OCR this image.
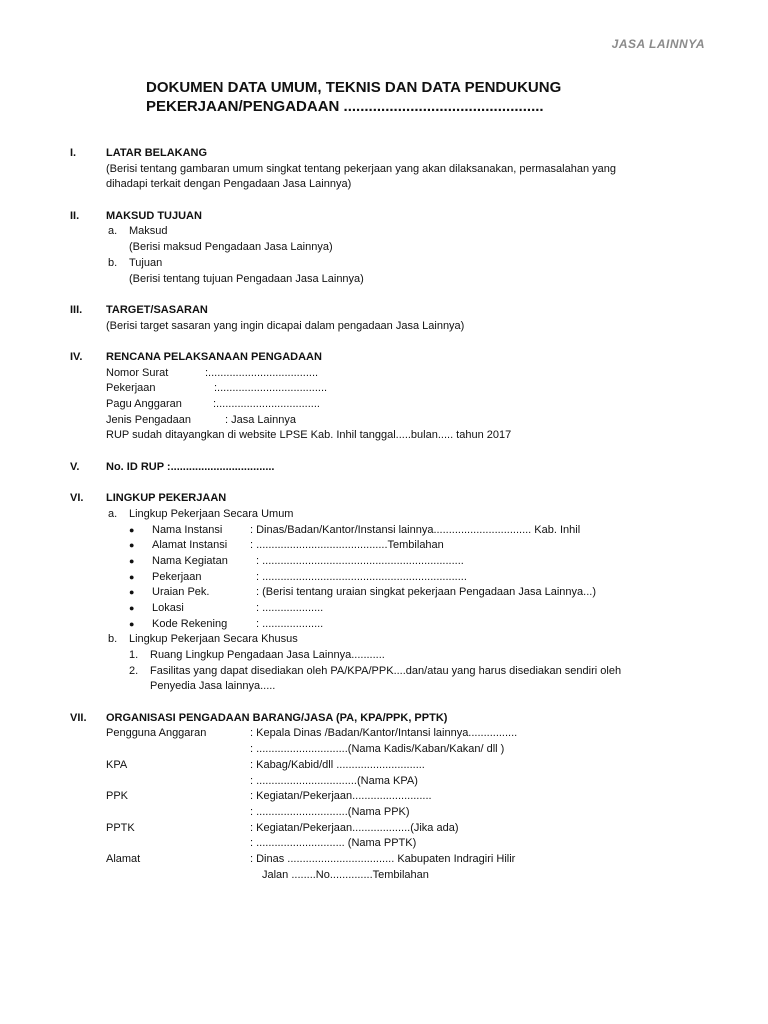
JASA LAINNYA
DOKUMEN DATA UMUM, TEKNIS DAN DATA PENDUKUNG
PEKERJAAN/PENGADAAN ................................................
I.	LATAR BELAKANG
(Berisi tentang gambaran umum singkat tentang pekerjaan yang akan dilaksanakan, permasalahan yang
dihadapi terkait dengan Pengadaan Jasa Lainnya)
II. MAKSUD TUJUAN
a. Maksud
(Berisi maksud Pengadaan Jasa Lainnya)
b. Tujuan
(Berisi tentang tujuan Pengadaan Jasa Lainnya)
III. TARGET/SASARAN
(Berisi target sasaran yang ingin dicapai dalam pengadaan Jasa Lainnya)
IV. RENCANA PELAKSANAAN PENGADAAN
Nomor Surat	:....................................
Pekerjaan	:....................................
Pagu Anggaran	:..................................
Jenis Pengadaan	: Jasa Lainnya
RUP sudah ditayangkan di website LPSE Kab. Inhil tanggal.....bulan..... tahun 2017
V. No. ID RUP :..................................
VI. LINGKUP PEKERJAAN
a. Lingkup Pekerjaan Secara Umum
● Nama Instansi	: Dinas/Badan/Kantor/Instansi lainnya................................ Kab. Inhil
● Alamat Instansi : ...........................................Tembilahan
● Nama Kegiatan	: ..................................................................
● Pekerjaan	: ...................................................................
● Uraian Pek.	: (Berisi tentang uraian singkat pekerjaan Pengadaan Jasa Lainnya...)
● Lokasi	: ....................
● Kode Rekening	: ....................
b. Lingkup Pekerjaan Secara Khusus
1. Ruang Lingkup Pengadaan Jasa Lainnya...........
2. Fasilitas yang dapat disediakan oleh PA/KPA/PPK....dan/atau yang harus disediakan sendiri oleh
Penyedia Jasa lainnya.....
VII. ORGANISASI PENGADAAN BARANG/JASA (PA, KPA/PPK, PPTK)
Pengguna Anggaran	: Kepala Dinas /Badan/Kantor/Intansi lainnya................
: ..............................(Nama Kadis/Kaban/Kakan/ dll )
KPA	: Kabag/Kabid/dll .............................
: .................................(Nama KPA)
PPK	: Kegiatan/Pekerjaan..........................
: ..............................(Nama PPK)
PPTK	: Kegiatan/Pekerjaan...................(Jika ada)
: ............................. (Nama PPTK)
Alamat	: Dinas ................................... Kabupaten Indragiri Hilir
Jalan ........No..............Tembilahan
